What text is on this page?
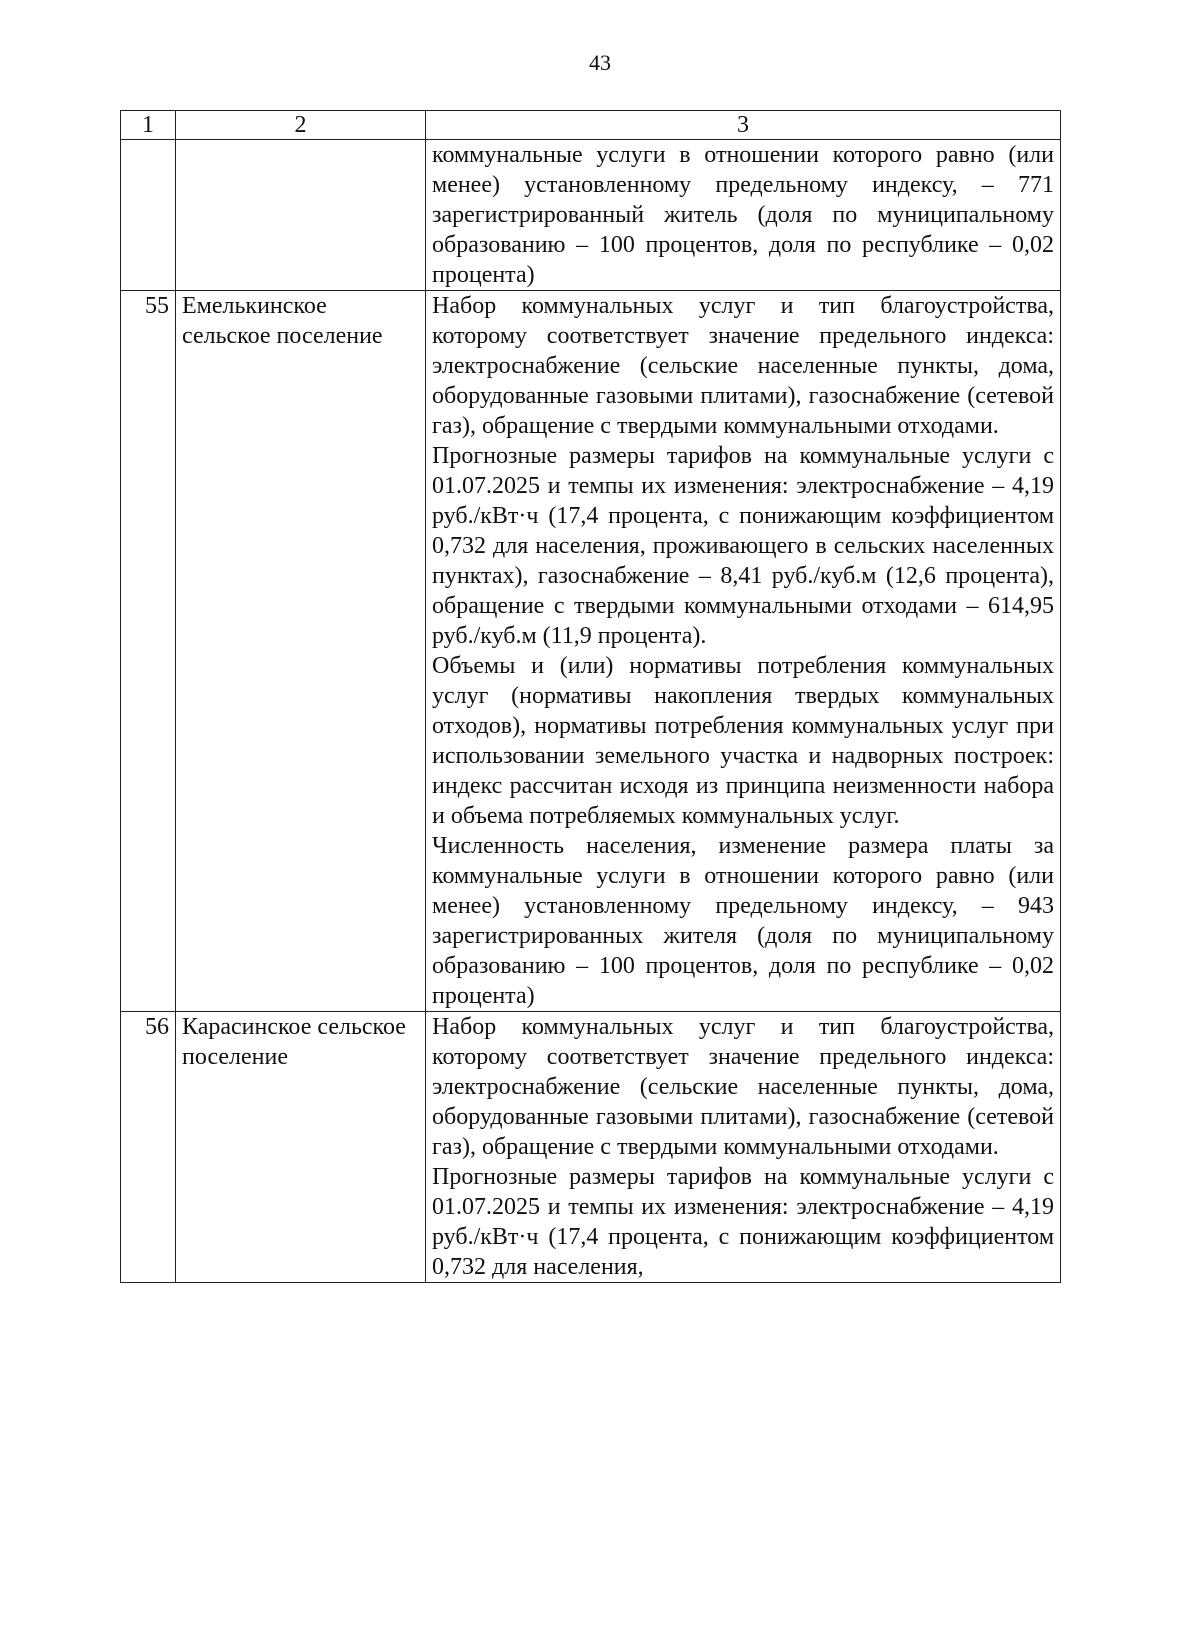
43
1	2	3

		коммунальные услуги в отношении которого равно (или менее) установленному предельному индексу, – 771 зарегистрированный житель (доля по муниципальному образованию – 100 процентов, доля по республике – 0,02 процента)

55	Емелькинское сельское поселение	Набор коммунальных услуг и тип благоустройства, которому соответствует значение предельного индекса: электроснабжение (сельские населенные пункты, дома, оборудованные газовыми плитами), газоснабжение (сетевой газ), обращение с твердыми коммунальными отходами.

Прогнозные размеры тарифов на коммунальные услуги с 01.07.2025 и темпы их изменения: электроснабжение – 4,19 руб./кВт·ч (17,4 процента, с понижающим коэффициентом 0,732 для населения, проживающего в сельских населенных пунктах), газоснабжение – 8,41 руб./куб.м (12,6 процента), обращение с твердыми коммунальными отходами – 614,95 руб./куб.м (11,9 процента).

Объемы и (или) нормативы потребления коммунальных услуг (нормативы накопления твердых коммунальных отходов), нормативы потребления коммунальных услуг при использовании земельного участка и надворных построек: индекс рассчитан исходя из принципа неизменности набора и объема потребляемых коммунальных услуг.

Численность населения, изменение размера платы за коммунальные услуги в отношении которого равно (или менее) установленному предельному индексу, – 943 зарегистрированных жителя (доля по муниципальному образованию – 100 процентов, доля по республике – 0,02 процента)

56	Карасинское сельское поселение	Набор коммунальных услуг и тип благоустройства, которому соответствует значение предельного индекса: электроснабжение (сельские населенные пункты, дома, оборудованные газовыми плитами), газоснабжение (сетевой газ), обращение с твердыми коммунальными отходами.

Прогнозные размеры тарифов на коммунальные услуги с 01.07.2025 и темпы их изменения: электроснабжение – 4,19 руб./кВт·ч (17,4 процента, с понижающим коэффициентом 0,732 для населения,
